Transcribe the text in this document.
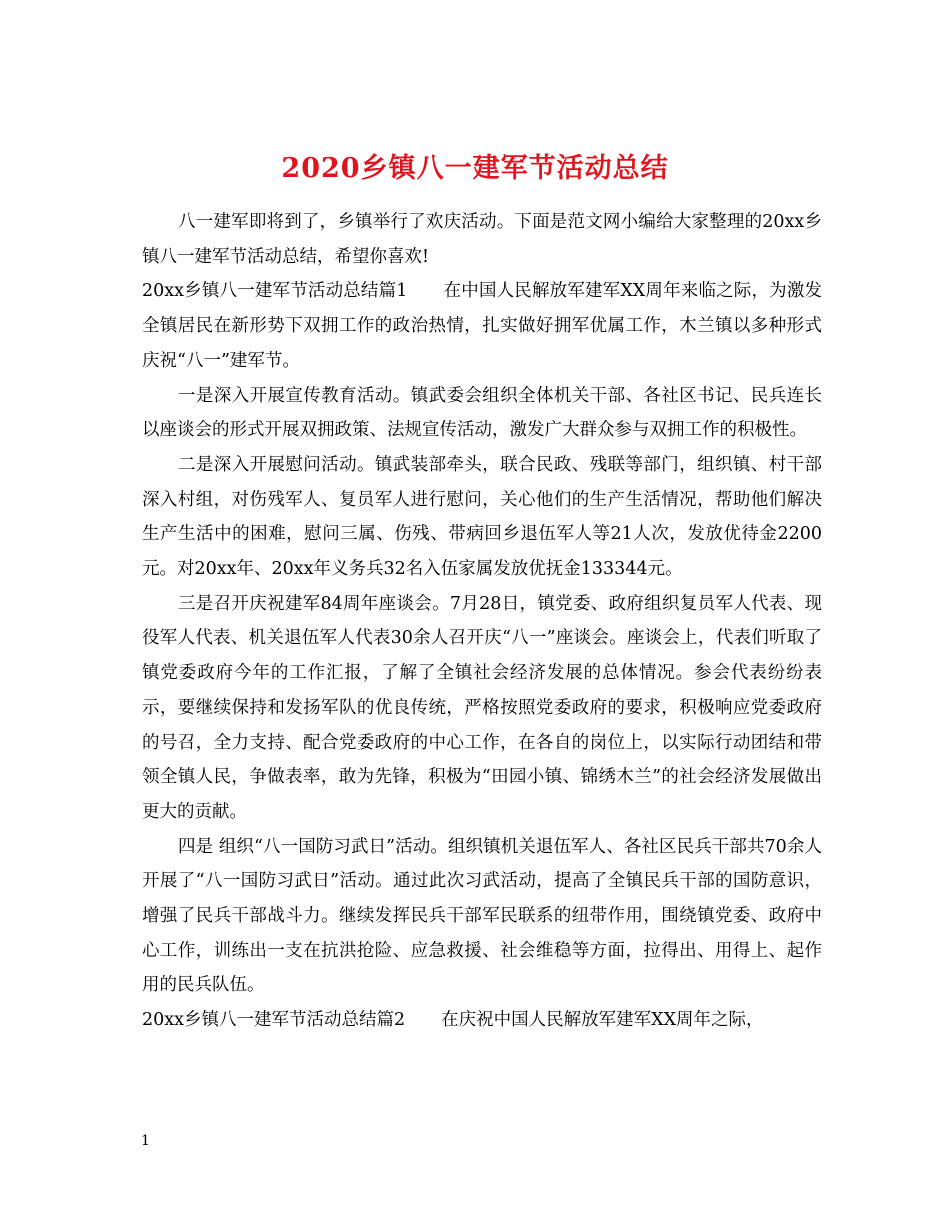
2020乡镇八一建军节活动总结

八一建军即将到了，乡镇举行了欢庆活动。下面是范文网小编给大家整理的20xx乡镇八一建军节活动总结，希望你喜欢!

20xx乡镇八一建军节活动总结篇1 在中国人民解放军建军XX周年来临之际，为激发全镇居民在新形势下双拥工作的政治热情，扎实做好拥军优属工作，木兰镇以多种形式庆祝“八一”建军节。

一是深入开展宣传教育活动。镇武委会组织全体机关干部、各社区书记、民兵连长以座谈会的形式开展双拥政策、法规宣传活动，激发广大群众参与双拥工作的积极性。

二是深入开展慰问活动。镇武装部牵头，联合民政、残联等部门，组织镇、村干部深入村组，对伤残军人、复员军人进行慰问，关心他们的生产生活情况，帮助他们解决生产生活中的困难，慰问三属、伤残、带病回乡退伍军人等21人次，发放优待金2200元。对20xx年、20xx年义务兵32名入伍家属发放优抚金133344元。

三是召开庆祝建军84周年座谈会。7月28日，镇党委、政府组织复员军人代表、现役军人代表、机关退伍军人代表30余人召开庆“八一”座谈会。座谈会上，代表们听取了镇党委政府今年的工作汇报，了解了全镇社会经济发展的总体情况。参会代表纷纷表示，要继续保持和发扬军队的优良传统，严格按照党委政府的要求，积极响应党委政府的号召，全力支持、配合党委政府的中心工作，在各自的岗位上，以实际行动团结和带领全镇人民，争做表率，敢为先锋，积极为“田园小镇、锦绣木兰”的社会经济发展做出更大的贡献。

四是 组织“八一国防习武日”活动。组织镇机关退伍军人、各社区民兵干部共70余人开展了“八一国防习武日”活动。通过此次习武活动，提高了全镇民兵干部的国防意识，增强了民兵干部战斗力。继续发挥民兵干部军民联系的纽带作用，围绕镇党委、政府中心工作，训练出一支在抗洪抢险、应急救援、社会维稳等方面，拉得出、用得上、起作用的民兵队伍。

20xx乡镇八一建军节活动总结篇2 在庆祝中国人民解放军建军XX周年之际，

1
